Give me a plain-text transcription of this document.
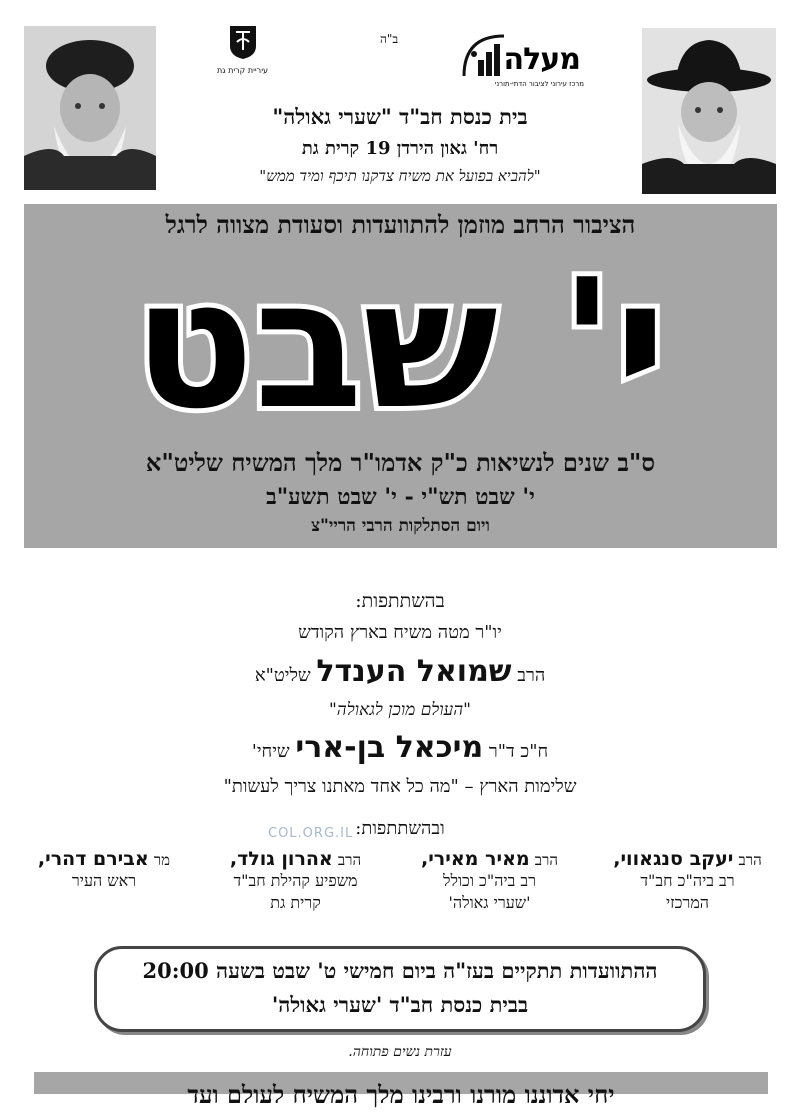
עיריית קרית גת
ב"ה
מעלה
מרכז עירוני לציבור הדתי-תורני
בית כנסת חב"ד "שערי גאולה"
רח' גאון הירדן 19 קרית גת
"להביא בפועל את משיח צדקנו תיכף ומיד ממש"
הציבור הרחב מוזמן להתוועדות וסעודת מצווה לרגל
י' שבט
ס"ב שנים לנשיאות כ"ק אדמו"ר מלך המשיח שליט"א
י' שבט תש"י - י' שבט תשע"ב
ויום הסתלקות הרבי הריי"צ
בהשתתפות:
יו"ר מטה משיח בארץ הקודש
הרב שמואל הענדל שליט"א
"העולם מוכן לגאולה"
ח"כ ד"ר מיכאל בן-ארי שיחי'
שלימות הארץ – "מה כל אחד מאתנו צריך לעשות"
ובהשתתפות:
COL.ORG.IL
הרב יעקב סנגאווי,
רב ביה"כ חב"ד
המרכזי
הרב מאיר מאירי,
רב ביה"כ וכולל
'שערי גאולה'
הרב אהרון גולד,
משפיע קהילת חב"ד
קרית גת
מר אבירם דהרי,
ראש העיר
ההתוועדות תתקיים בעז"ה ביום חמישי ט' שבט בשעה 20:00
בבית כנסת חב"ד 'שערי גאולה'
עזרת נשים פתוחה.
יחי אדוננו מורנו ורבינו מלך המשיח לעולם ועד
